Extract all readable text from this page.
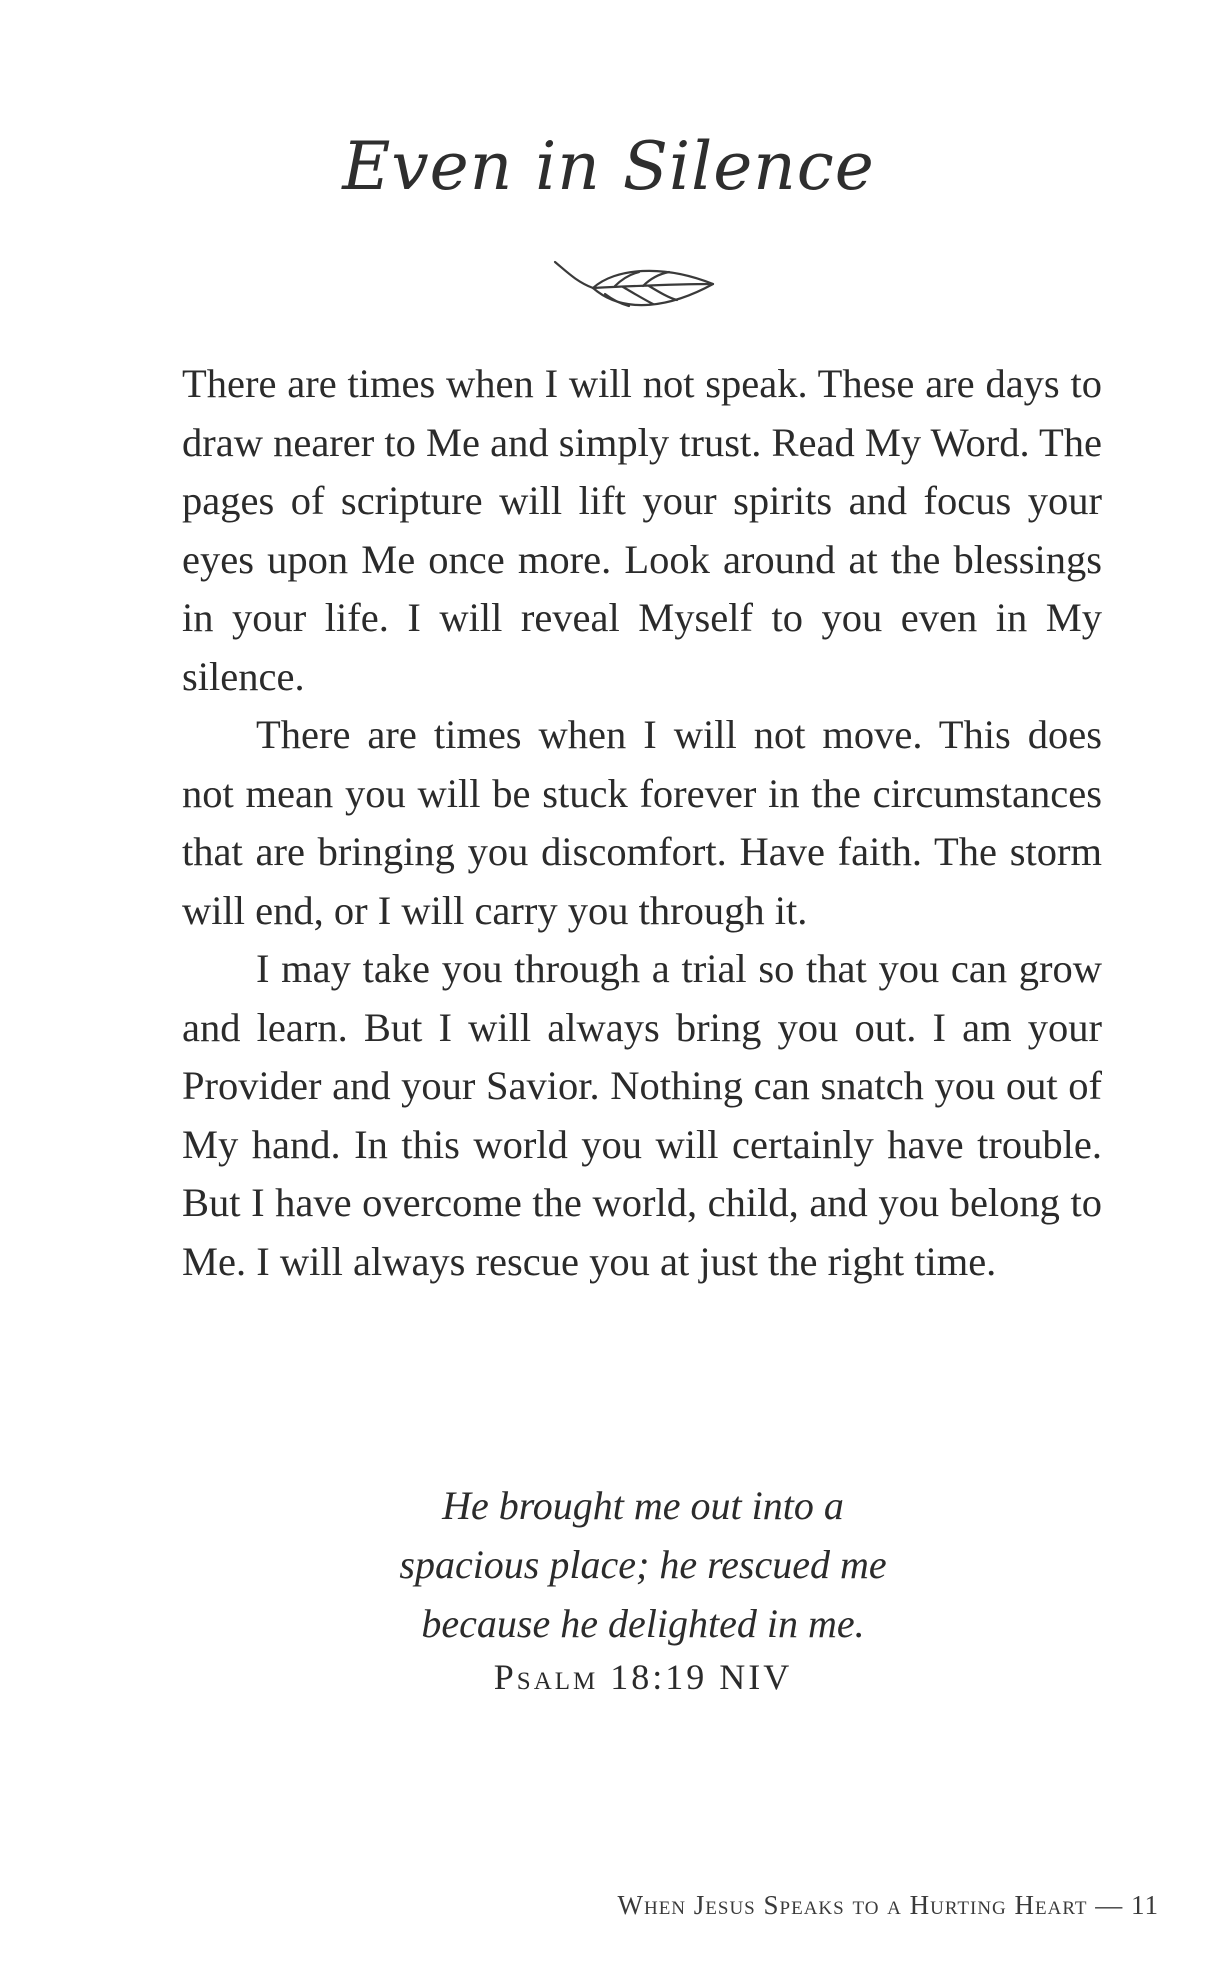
Even in Silence

There are times when I will not speak. These are days to draw nearer to Me and simply trust. Read My Word. The pages of scripture will lift your spirits and focus your eyes upon Me once more. Look around at the blessings in your life. I will reveal Myself to you even in My silence.

There are times when I will not move. This does not mean you will be stuck forever in the circumstances that are bringing you discomfort. Have faith. The storm will end, or I will carry you through it.

I may take you through a trial so that you can grow and learn. But I will always bring you out. I am your Provider and your Savior. Nothing can snatch you out of My hand. In this world you will certainly have trouble. But I have overcome the world, child, and you belong to Me. I will always rescue you at just the right time.

He brought me out into a
spacious place; he rescued me
because he delighted in me.
Psalm 18:19 NIV
When Jesus Speaks to a Hurting Heart — 11
